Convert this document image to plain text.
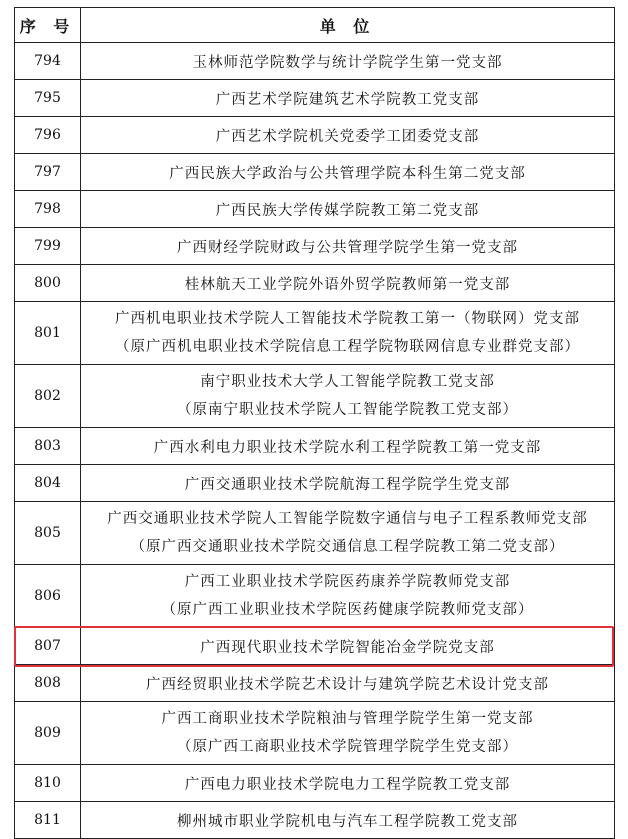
序 号	单 位
794	玉林师范学院数学与统计学院学生第一党支部

795	广西艺术学院建筑艺术学院教工党支部

796	广西艺术学院机关党委学工团委党支部

797	广西民族大学政治与公共管理学院本科生第二党支部

798	广西民族大学传媒学院教工第二党支部

799	广西财经学院财政与公共管理学院学生第一党支部

800	桂林航天工业学院外语外贸学院教师第一党支部

801	广西机电职业技术学院人工智能技术学院教工第一（物联网）党支部
（原广西机电职业技术学院信息工程学院物联网信息专业群党支部）

802	南宁职业技术大学人工智能学院教工党支部
（原南宁职业技术学院人工智能学院教工党支部）

803	广西水利电力职业技术学院水利工程学院教工第一党支部

804	广西交通职业技术学院航海工程学院学生党支部

805	广西交通职业技术学院人工智能学院数字通信与电子工程系教师党支部
（原广西交通职业技术学院交通信息工程学院教工第二党支部）

806	广西工业职业技术学院医药康养学院教师党支部
（原广西工业职业技术学院医药健康学院教师党支部）

807	广西现代职业技术学院智能冶金学院党支部

808	广西经贸职业技术学院艺术设计与建筑学院艺术设计党支部

809	广西工商职业技术学院粮油与管理学院学生第一党支部
（原广西工商职业技术学院管理学院学生党支部）

810	广西电力职业技术学院电力工程学院教工党支部

811	柳州城市职业学院机电与汽车工程学院教工党支部
